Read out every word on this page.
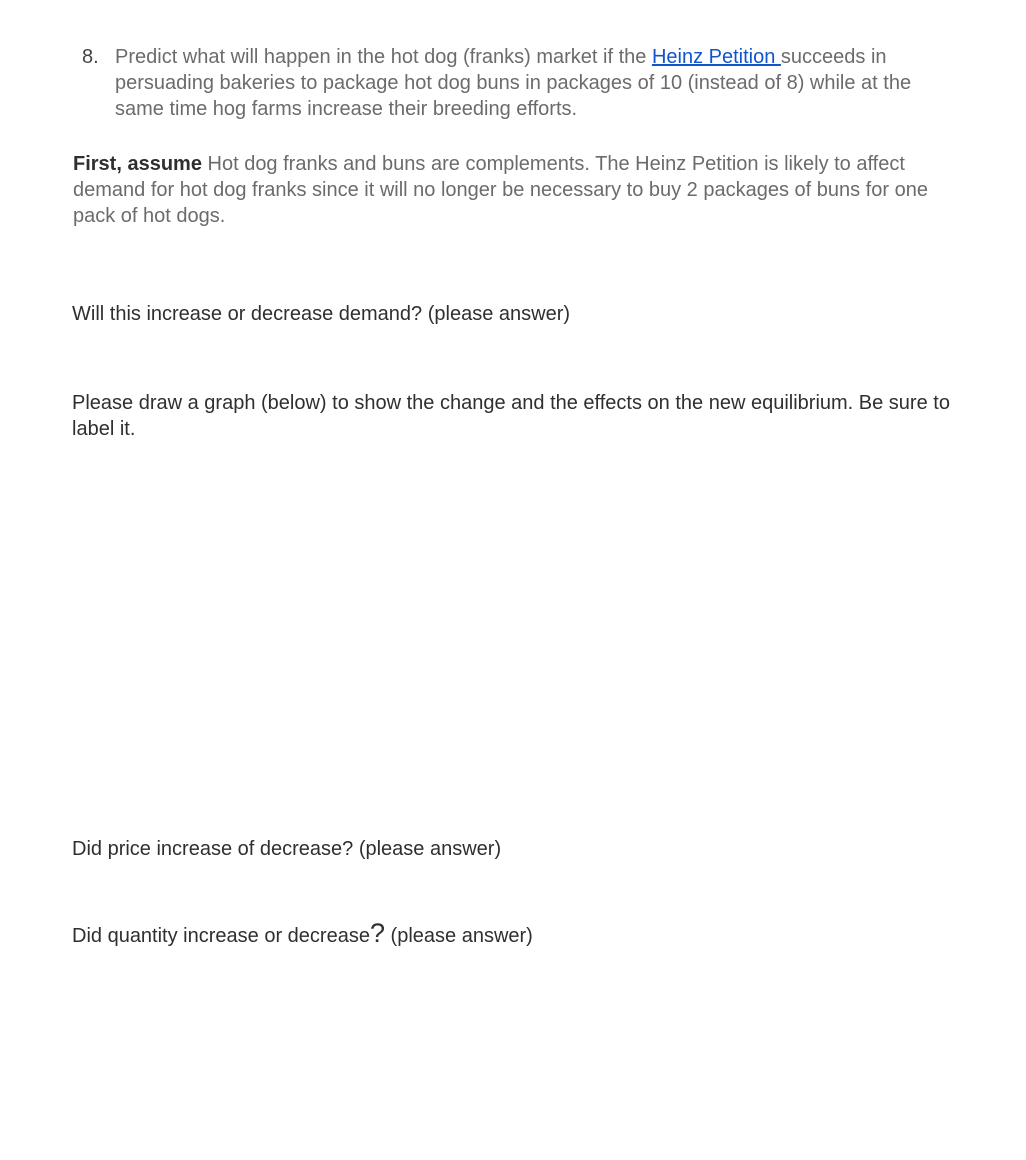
8. Predict what will happen in the hot dog (franks) market if the Heinz Petition succeeds in persuading bakeries to package hot dog buns in packages of 10 (instead of 8) while at the same time hog farms increase their breeding efforts.
First, assume Hot dog franks and buns are complements. The Heinz Petition is likely to affect demand for hot dog franks since it will no longer be necessary to buy 2 packages of buns for one pack of hot dogs.
Will this increase or decrease demand? (please answer)
Please draw a graph (below) to show the change and the effects on the new equilibrium. Be sure to label it.
Did price increase of decrease? (please answer)
Did quantity increase or decrease? (please answer)
